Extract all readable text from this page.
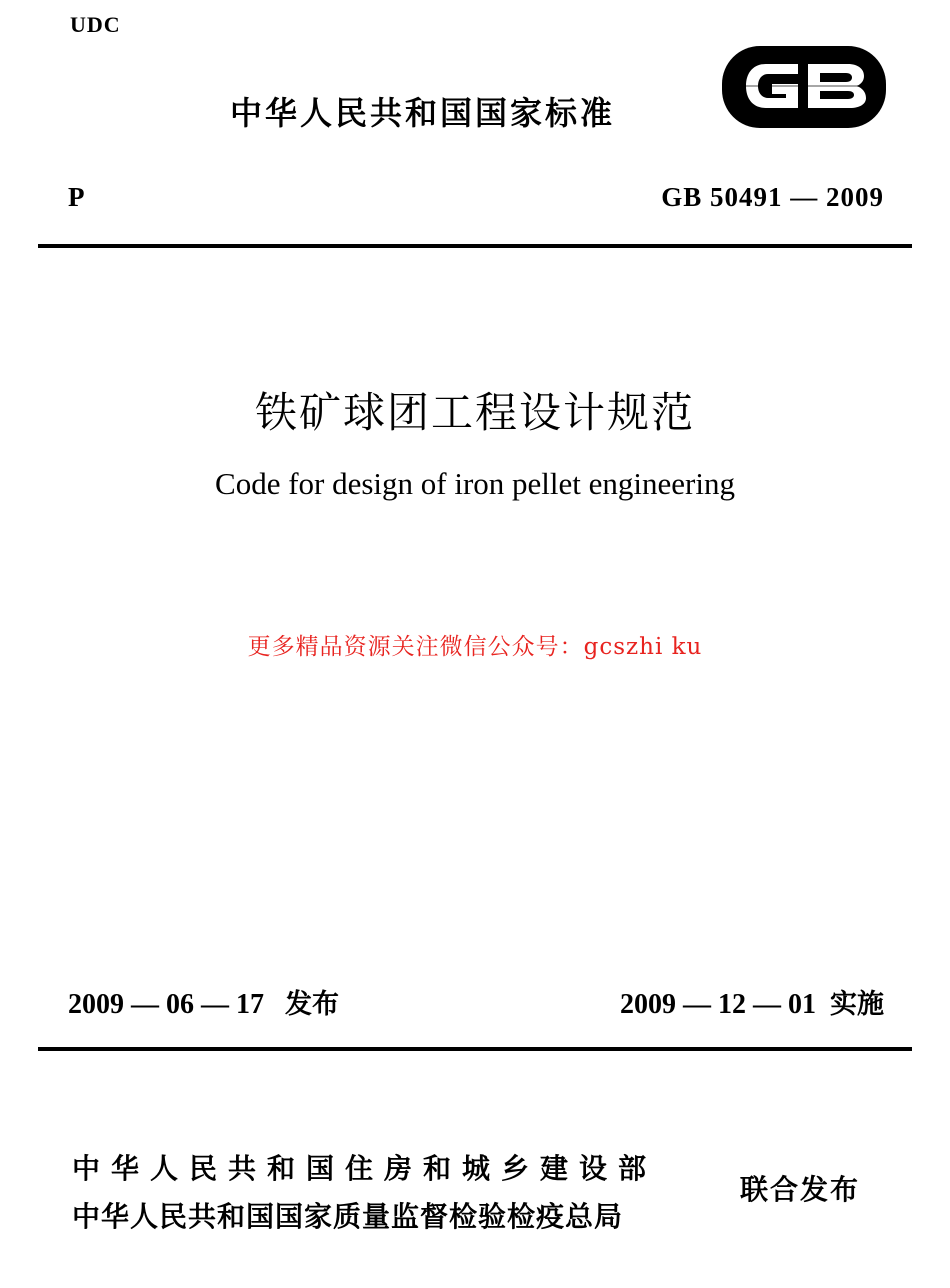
UDC
中华人民共和国国家标准
P	GB 50491 — 2009
铁矿球团工程设计规范
Code for design of iron pellet engineering
更多精品资源关注微信公众号：gcszhi ku
2009 — 06 — 17 发布	2009 — 12 — 01 实施
中华人民共和国住房和城乡建设部
中华人民共和国国家质量监督检验检疫总局
联合发布
